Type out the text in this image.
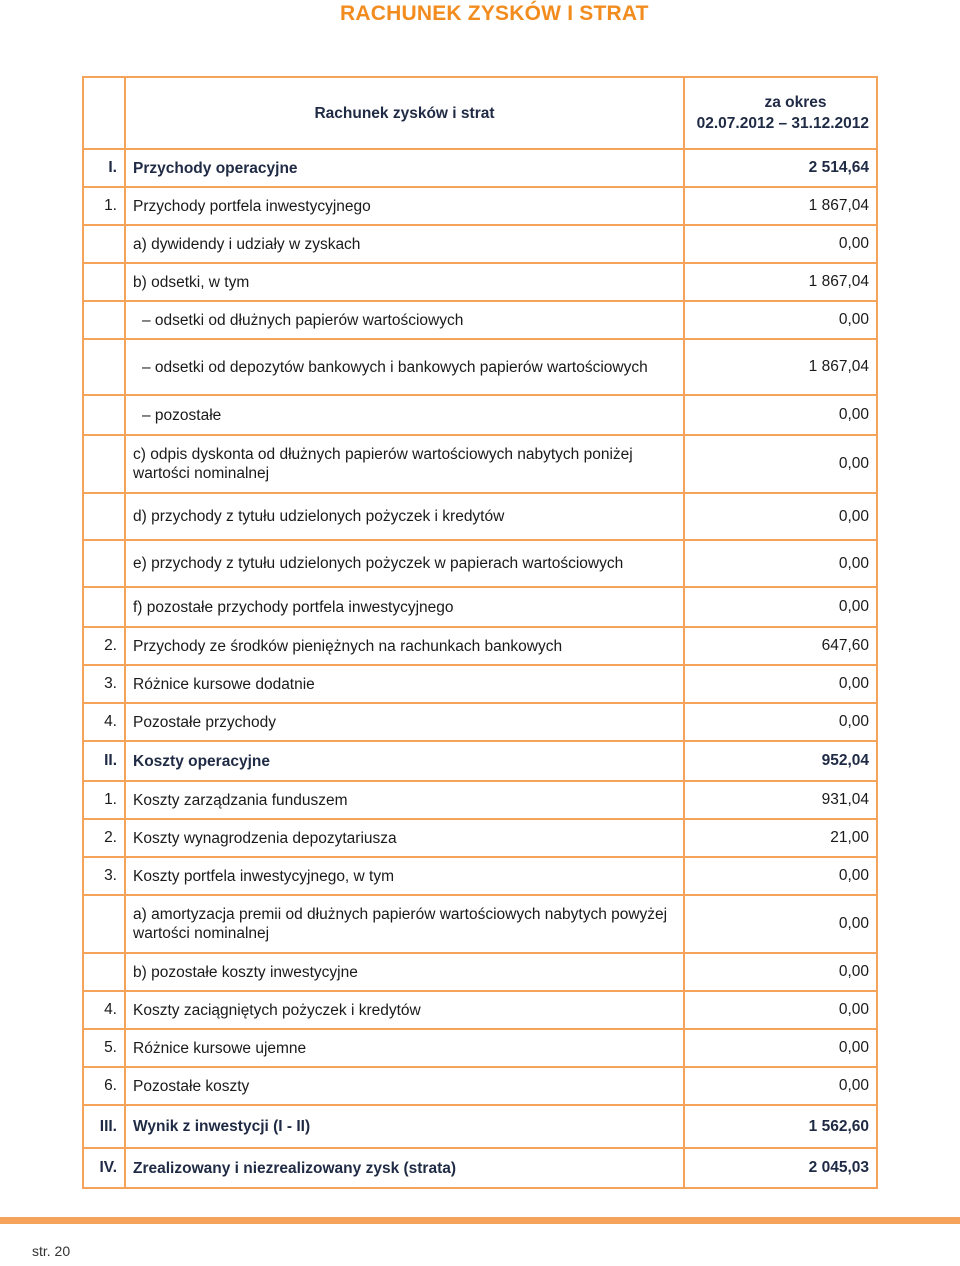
RACHUNEK ZYSKÓW I STRAT
	Rachunek zysków i strat	za okres
02.07.2012 – 31.12.2012

I.	Przychody operacyjne	2 514,64
1.	Przychody portfela inwestycyjnego	1 867,04
	a) dywidendy i udziały w zyskach	0,00
	b) odsetki, w tym	1 867,04
	– odsetki od dłużnych papierów wartościowych	0,00
	– odsetki od depozytów bankowych i bankowych papierów wartościowych	1 867,04
	– pozostałe	0,00
	c) odpis dyskonta od dłużnych papierów wartościowych nabytych poniżej wartości nominalnej	0,00
	d) przychody z tytułu udzielonych pożyczek i kredytów	0,00
	e) przychody z tytułu udzielonych pożyczek w papierach wartościowych	0,00
	f) pozostałe przychody portfela inwestycyjnego	0,00
2.	Przychody ze środków pieniężnych na rachunkach bankowych	647,60
3.	Różnice kursowe dodatnie	0,00
4.	Pozostałe przychody	0,00
II.	Koszty operacyjne	952,04
1.	Koszty zarządzania funduszem	931,04
2.	Koszty wynagrodzenia depozytariusza	21,00
3.	Koszty portfela inwestycyjnego, w tym	0,00
	a) amortyzacja premii od dłużnych papierów wartościowych nabytych powyżej wartości nominalnej	0,00
	b) pozostałe koszty inwestycyjne	0,00
4.	Koszty zaciągniętych pożyczek i kredytów	0,00
5.	Różnice kursowe ujemne	0,00
6.	Pozostałe koszty	0,00
III.	Wynik z inwestycji (I - II)	1 562,60
IV.	Zrealizowany i niezrealizowany zysk (strata)	2 045,03
str. 20
